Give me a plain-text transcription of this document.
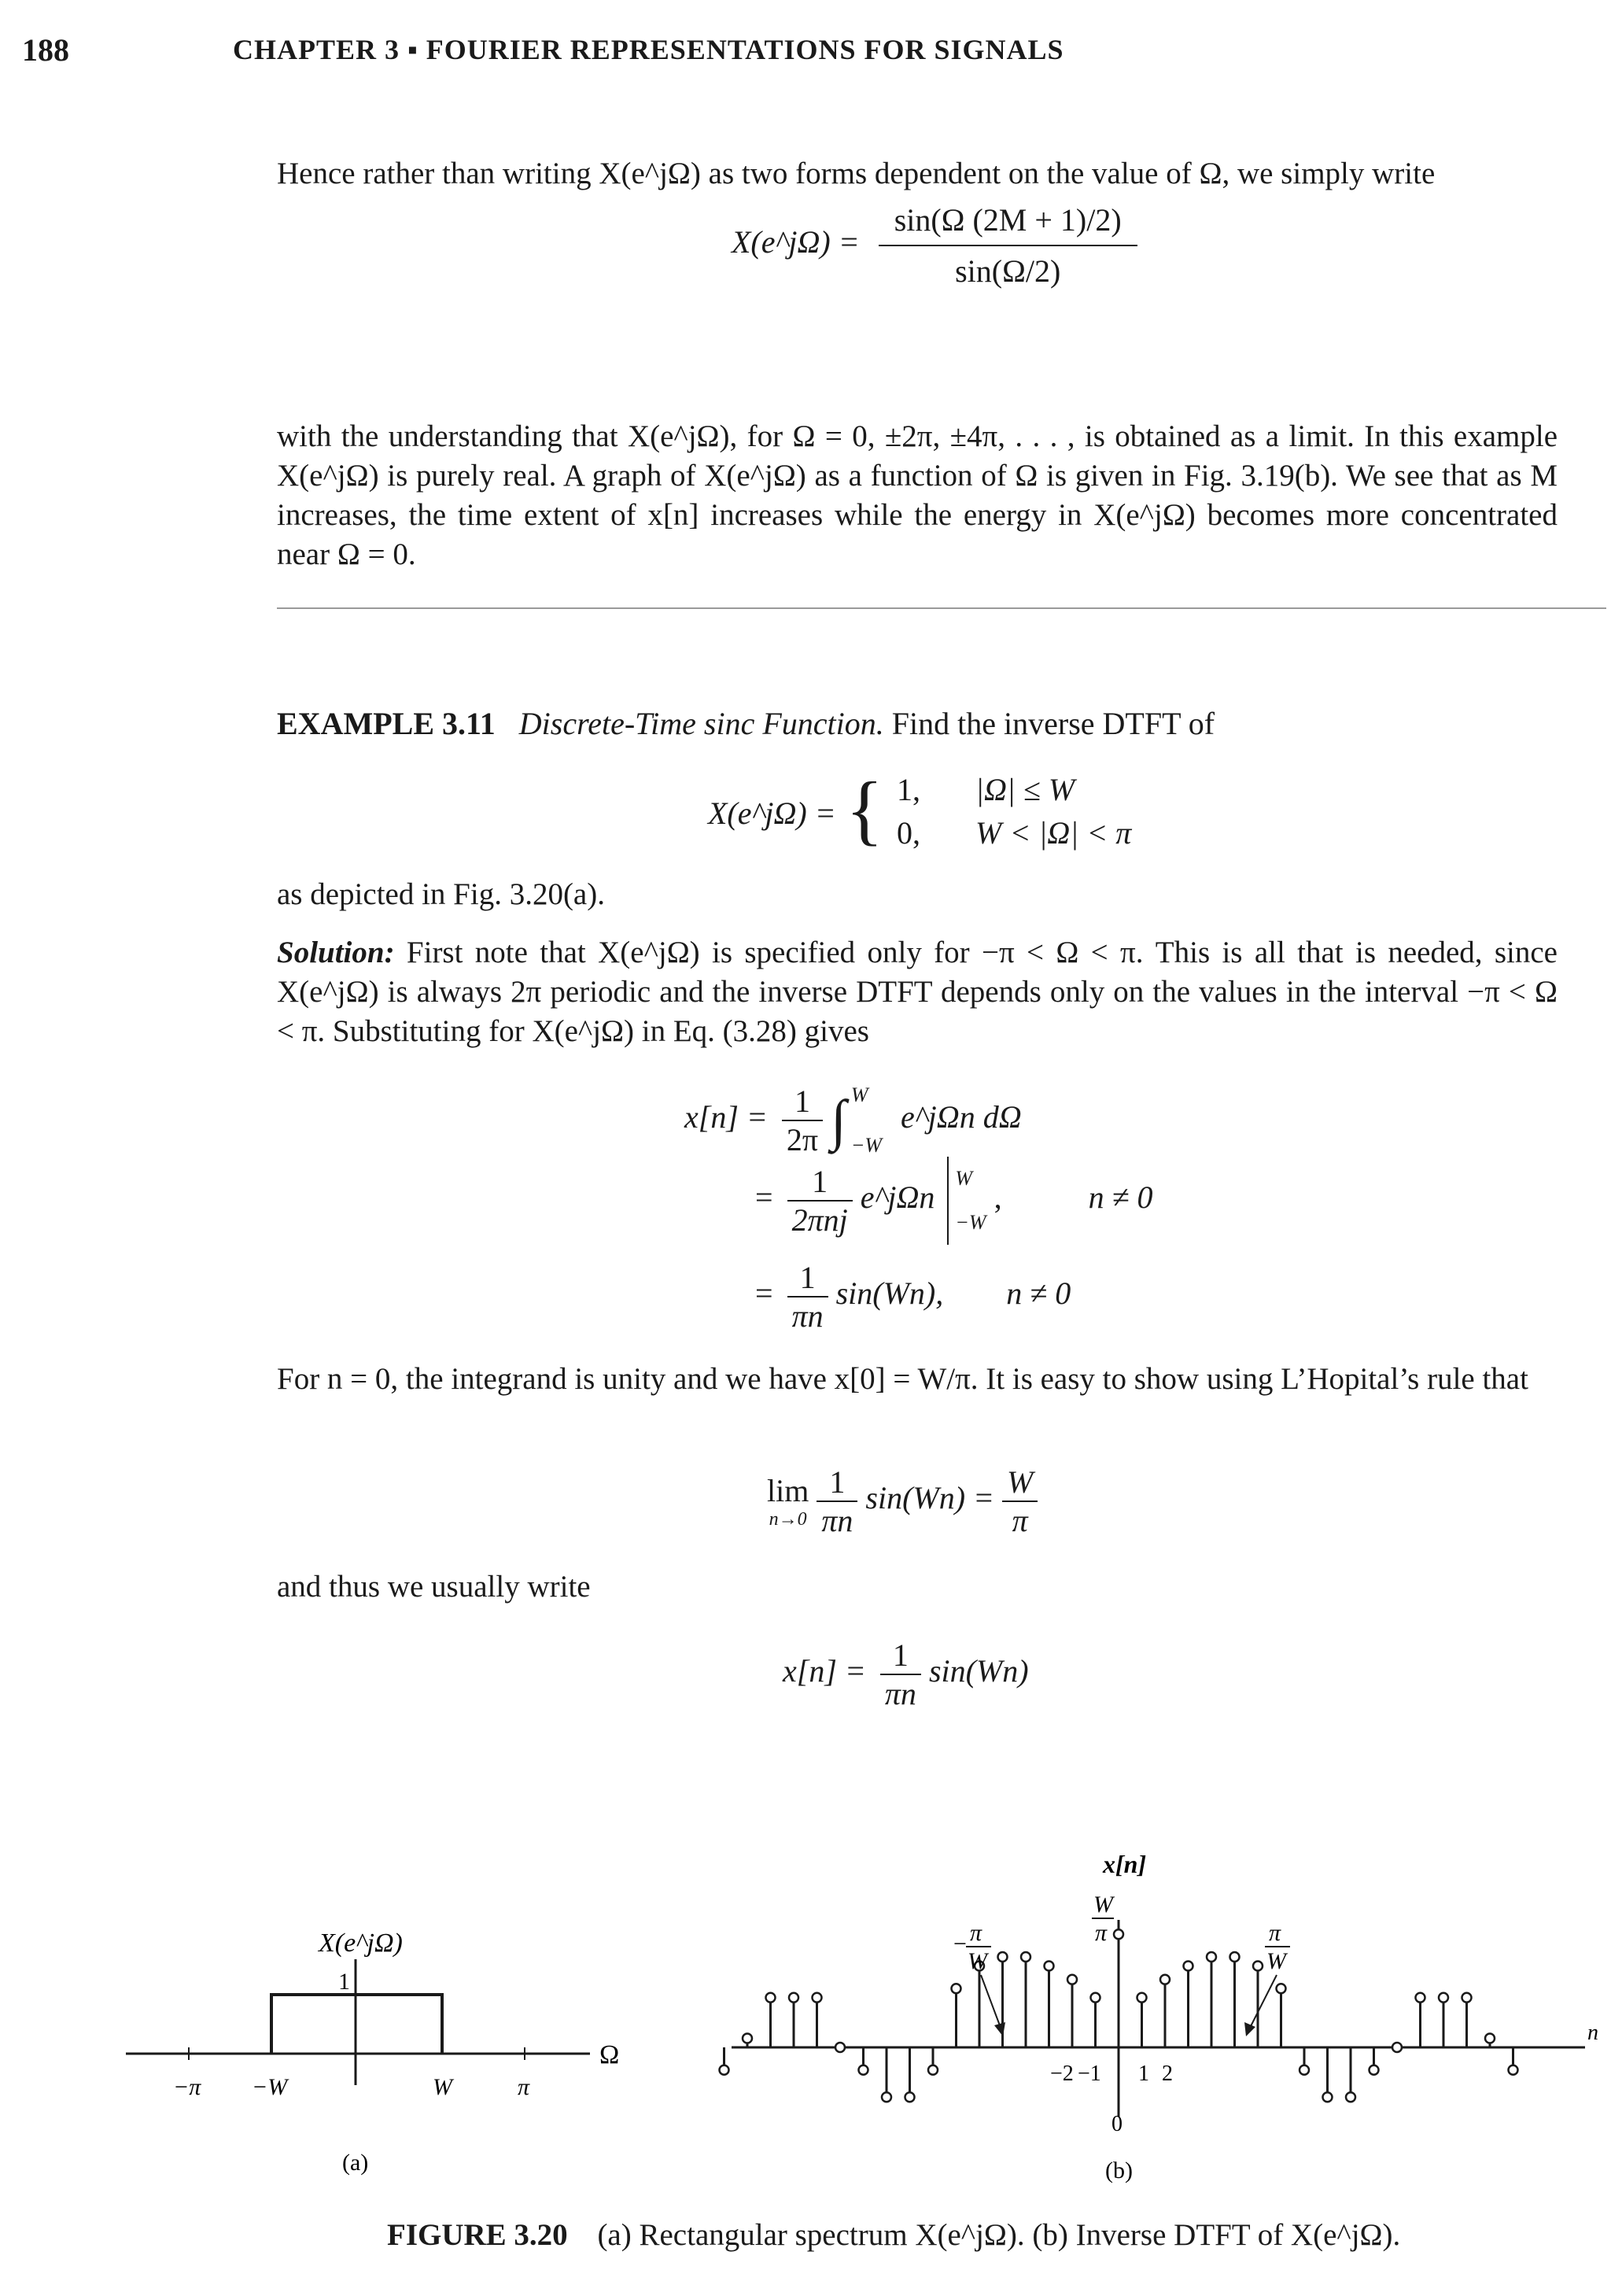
188	CHAPTER 3 ▪ FOURIER REPRESENTATIONS FOR SIGNALS
Hence rather than writing X(e^jΩ) as two forms dependent on the value of Ω, we simply write
X(e^jΩ) = $\frac{\sin(\Omega (2M + 1)/2)}{\sin(\Omega/2)}$
with the understanding that X(e^jΩ), for Ω = 0, ±2π, ±4π, . . . , is obtained as a limit. In this example X(e^jΩ) is purely real. A graph of X(e^jΩ) as a function of Ω is given in Fig. 3.19(b). We see that as M increases, the time extent of x[n] increases while the energy in X(e^jΩ) becomes more concentrated near Ω = 0.
EXAMPLE 3.11 Discrete-Time sinc Function. Find the inverse DTFT of
X(e^jΩ) = { 1, |Ω| ≤ W
0, W < |Ω| < π
as depicted in Fig. 3.20(a).
Solution: First note that X(e^jΩ) is specified only for −π < Ω < π. This is all that is needed, since X(e^jΩ) is always 2π periodic and the inverse DTFT depends only on the values in the interval −π < Ω < π. Substituting for X(e^jΩ) in Eq. (3.28) gives
$x[n] = \frac{1}{2\pi}$ ∫ W
−W
e^jΩn dΩ
= $\frac{1}{\text{2πnj}}$ e^jΩn
W
−W
,	n ≠ 0
= $\frac{1}{\pi n} \sin(Wn)$, n ≠ 0
For n = 0, the integrand is unity and we have x[0] = W/π. It is easy to show using L’Hopital’s rule that
lim
n→0
$\frac{1}{\pi n} \sin(Wn) = \frac{W}{\pi}$
and thus we usually write
$x[n] = \frac{1}{\pi n} \sin(Wn)$
X(e^jΩ)
1
Ω
−π −W	W	π
(a)
x[n]
W
π
− π
W
π
W
n
−2 −1 1 2
0
(b)
FIGURE 3.20 (a) Rectangular spectrum X(e^jΩ). (b) Inverse DTFT of X(e^jΩ).
